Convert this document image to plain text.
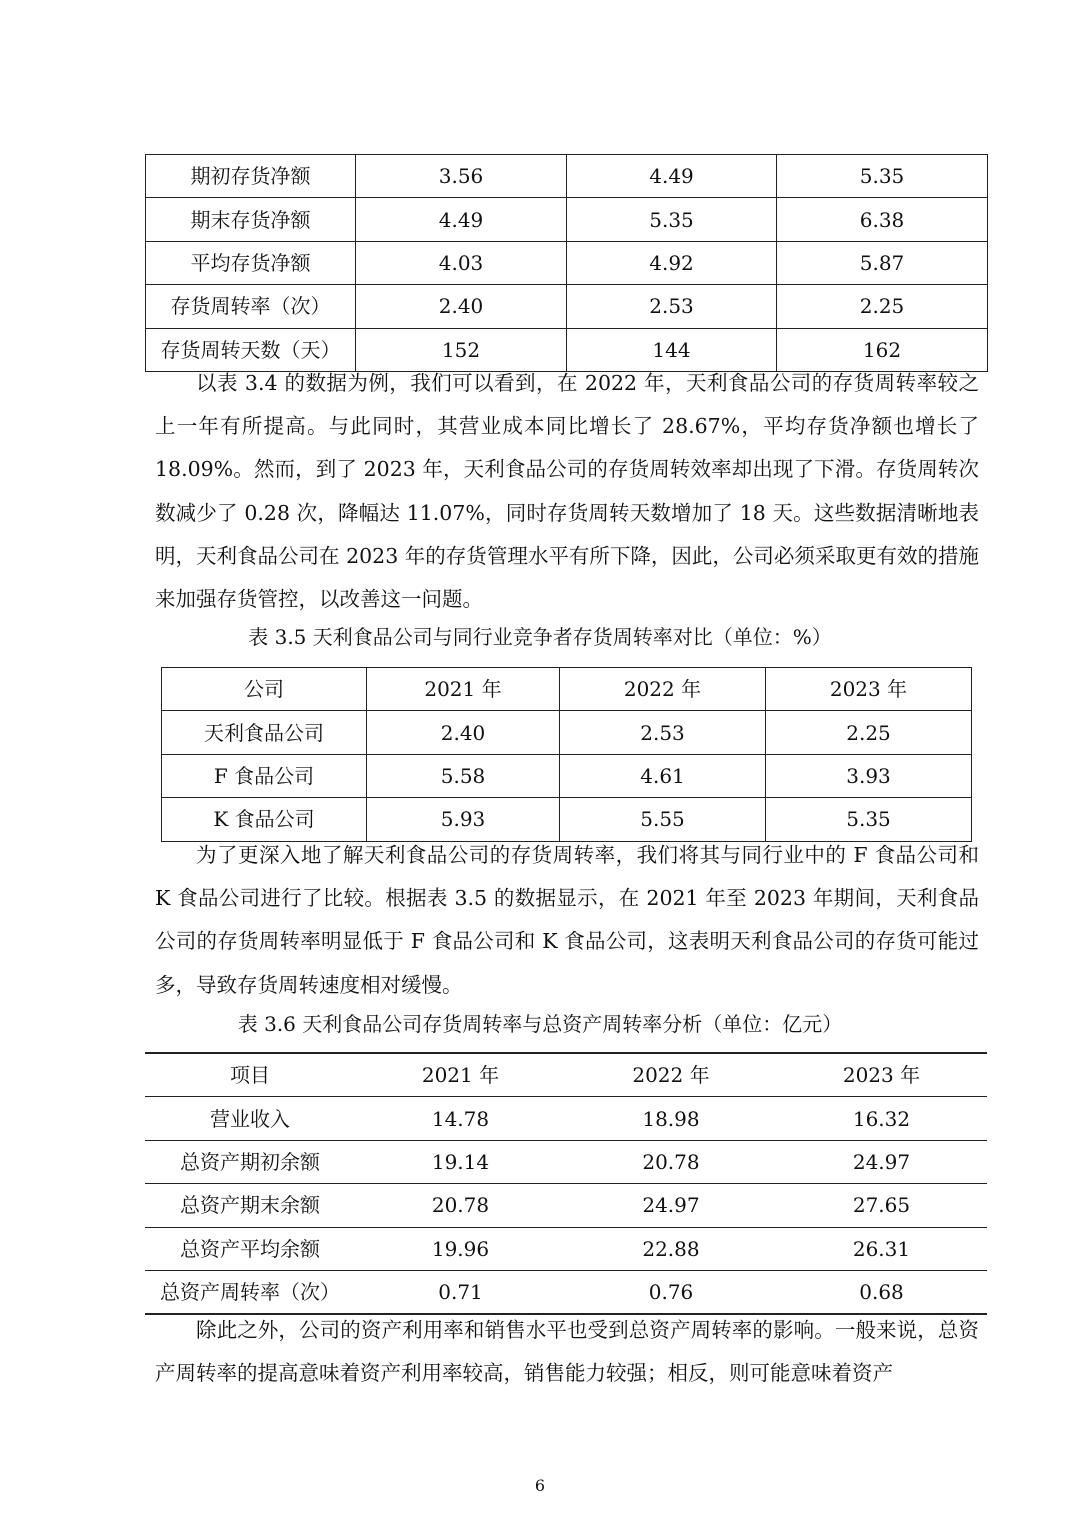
期初存货净额	3.56	4.49	5.35
期末存货净额	4.49	5.35	6.38
平均存货净额	4.03	4.92	5.87
存货周转率（次）	2.40	2.53	2.25
存货周转天数（天）	152	144	162

以表 3.4 的数据为例，我们可以看到，在 2022 年，天利食品公司的存货周转率较之上一年有所提高。与此同时，其营业成本同比增长了 28.67%，平均存货净额也增长了 18.09%。然而，到了 2023 年，天利食品公司的存货周转效率却出现了下滑。存货周转次数减少了 0.28 次，降幅达 11.07%，同时存货周转天数增加了 18 天。这些数据清晰地表明，天利食品公司在 2023 年的存货管理水平有所下降，因此，公司必须采取更有效的措施来加强存货管控，以改善这一问题。

表 3.5 天利食品公司与同行业竞争者存货周转率对比（单位：%）

公司	2021 年	2022 年	2023 年
天利食品公司	2.40	2.53	2.25
F 食品公司	5.58	4.61	3.93
K 食品公司	5.93	5.55	5.35

为了更深入地了解天利食品公司的存货周转率，我们将其与同行业中的 F 食品公司和 K 食品公司进行了比较。根据表 3.5 的数据显示，在 2021 年至 2023 年期间，天利食品公司的存货周转率明显低于 F 食品公司和 K 食品公司，这表明天利食品公司的存货可能过多，导致存货周转速度相对缓慢。

表 3.6 天利食品公司存货周转率与总资产周转率分析（单位：亿元）

项目	2021 年	2022 年	2023 年
营业收入	14.78	18.98	16.32
总资产期初余额	19.14	20.78	24.97
总资产期末余额	20.78	24.97	27.65
总资产平均余额	19.96	22.88	26.31
总资产周转率（次）	0.71	0.76	0.68

除此之外，公司的资产利用率和销售水平也受到总资产周转率的影响。一般来说，总资产周转率的提高意味着资产利用率较高，销售能力较强；相反，则可能意味着资产

6
